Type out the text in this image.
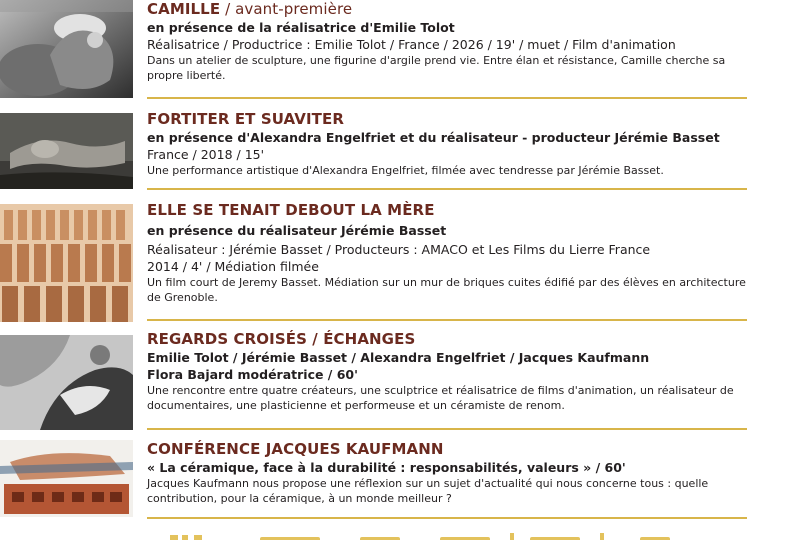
CAMILLE / avant-première
en présence de la réalisatrice d'Emilie Tolot
Réalisatrice / Productrice : Emilie Tolot / France / 2026 / 19' / muet / Film d'animation
Dans un atelier de sculpture, une figurine d'argile prend vie. Entre élan et résistance, Camille cherche sa propre liberté.
FORTITER ET SUAVITER
en présence d'Alexandra Engelfriet et du réalisateur - producteur Jérémie Basset
France / 2018 / 15'
Une performance artistique d'Alexandra Engelfriet, filmée avec tendresse par Jérémie Basset.
ELLE SE TENAIT DEBOUT LA MÈRE
en présence du réalisateur Jérémie Basset
Réalisateur : Jérémie Basset / Producteurs : AMACO et Les Films du Lierre France
2014 / 4' / Médiation filmée
Un film court de Jeremy Basset. Médiation sur un mur de briques cuites édifié par des élèves en architecture de Grenoble.
REGARDS CROISÉS / ÉCHANGES
Emilie Tolot / Jérémie Basset / Alexandra Engelfriet / Jacques Kaufmann
Flora Bajard modératrice / 60'
Une rencontre entre quatre créateurs, une sculptrice et réalisatrice de films d'animation, un réalisateur de documentaires, une plasticienne et performeuse et un céramiste de renom.
CONFÉRENCE JACQUES KAUFMANN
« La céramique, face à la durabilité : responsabilités, valeurs » / 60'
Jacques Kaufmann nous propose une réflexion sur un sujet d'actualité qui nous concerne tous : quelle contribution, pour la céramique, à un monde meilleur ?
